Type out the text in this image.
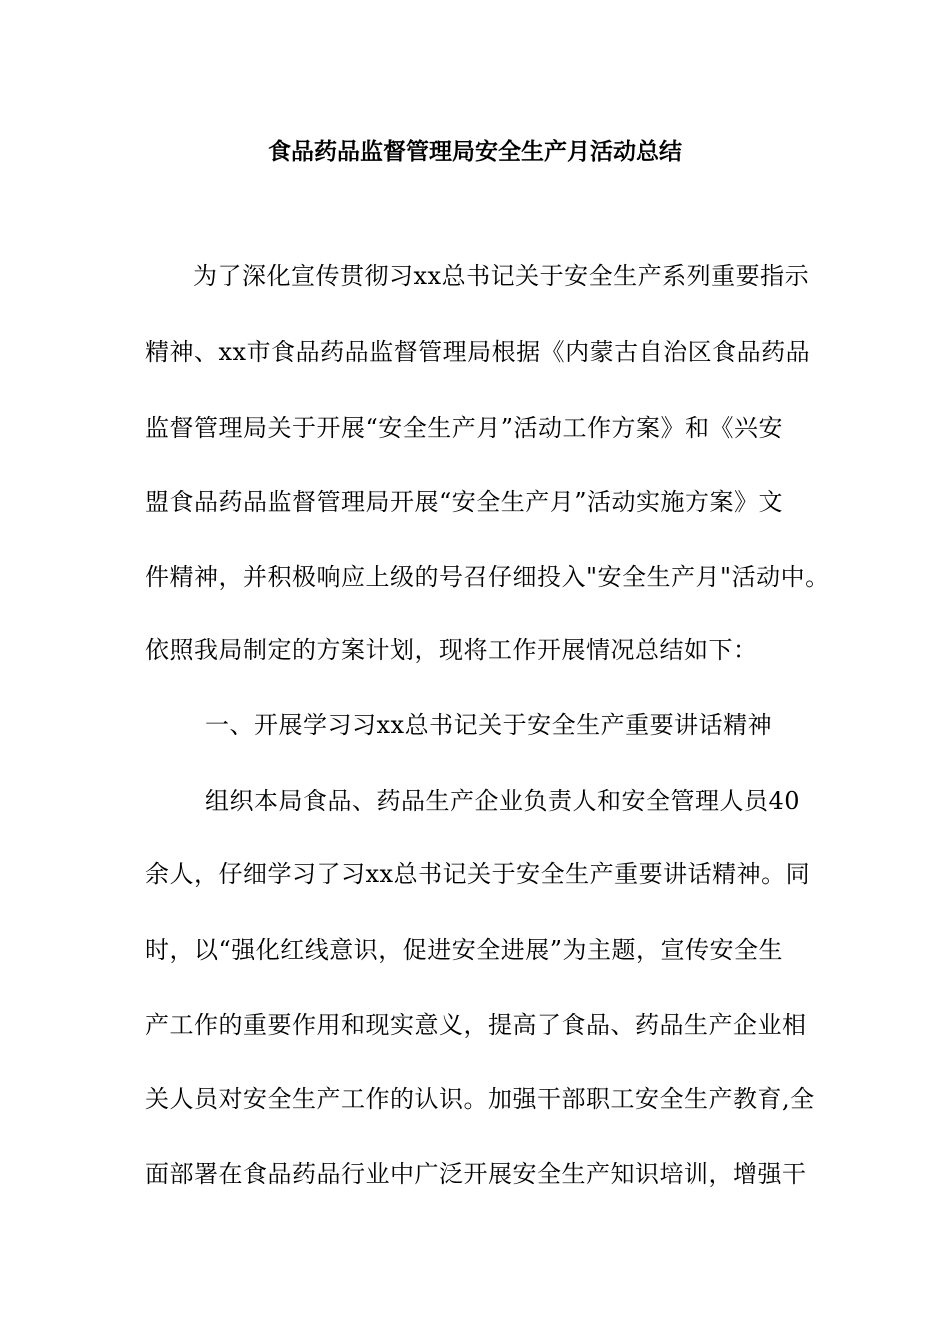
食品药品监督管理局安全生产月活动总结
为了深化宣传贯彻习xx总书记关于安全生产系列重要指示
精神、xx市食品药品监督管理局根据《内蒙古自治区食品药品
监督管理局关于开展“安全生产月”活动工作方案》和《兴安
盟食品药品监督管理局开展“安全生产月”活动实施方案》文
件精神，并积极响应上级的号召仔细投入"安全生产月"活动中。
依照我局制定的方案计划，现将工作开展情况总结如下：
一、开展学习习xx总书记关于安全生产重要讲话精神
组织本局食品、药品生产企业负责人和安全管理人员40
余人，仔细学习了习xx总书记关于安全生产重要讲话精神。同
时，以“强化红线意识，促进安全进展”为主题，宣传安全生
产工作的重要作用和现实意义，提高了食品、药品生产企业相
关人员对安全生产工作的认识。加强干部职工安全生产教育,全
面部署在食品药品行业中广泛开展安全生产知识培训，增强干
